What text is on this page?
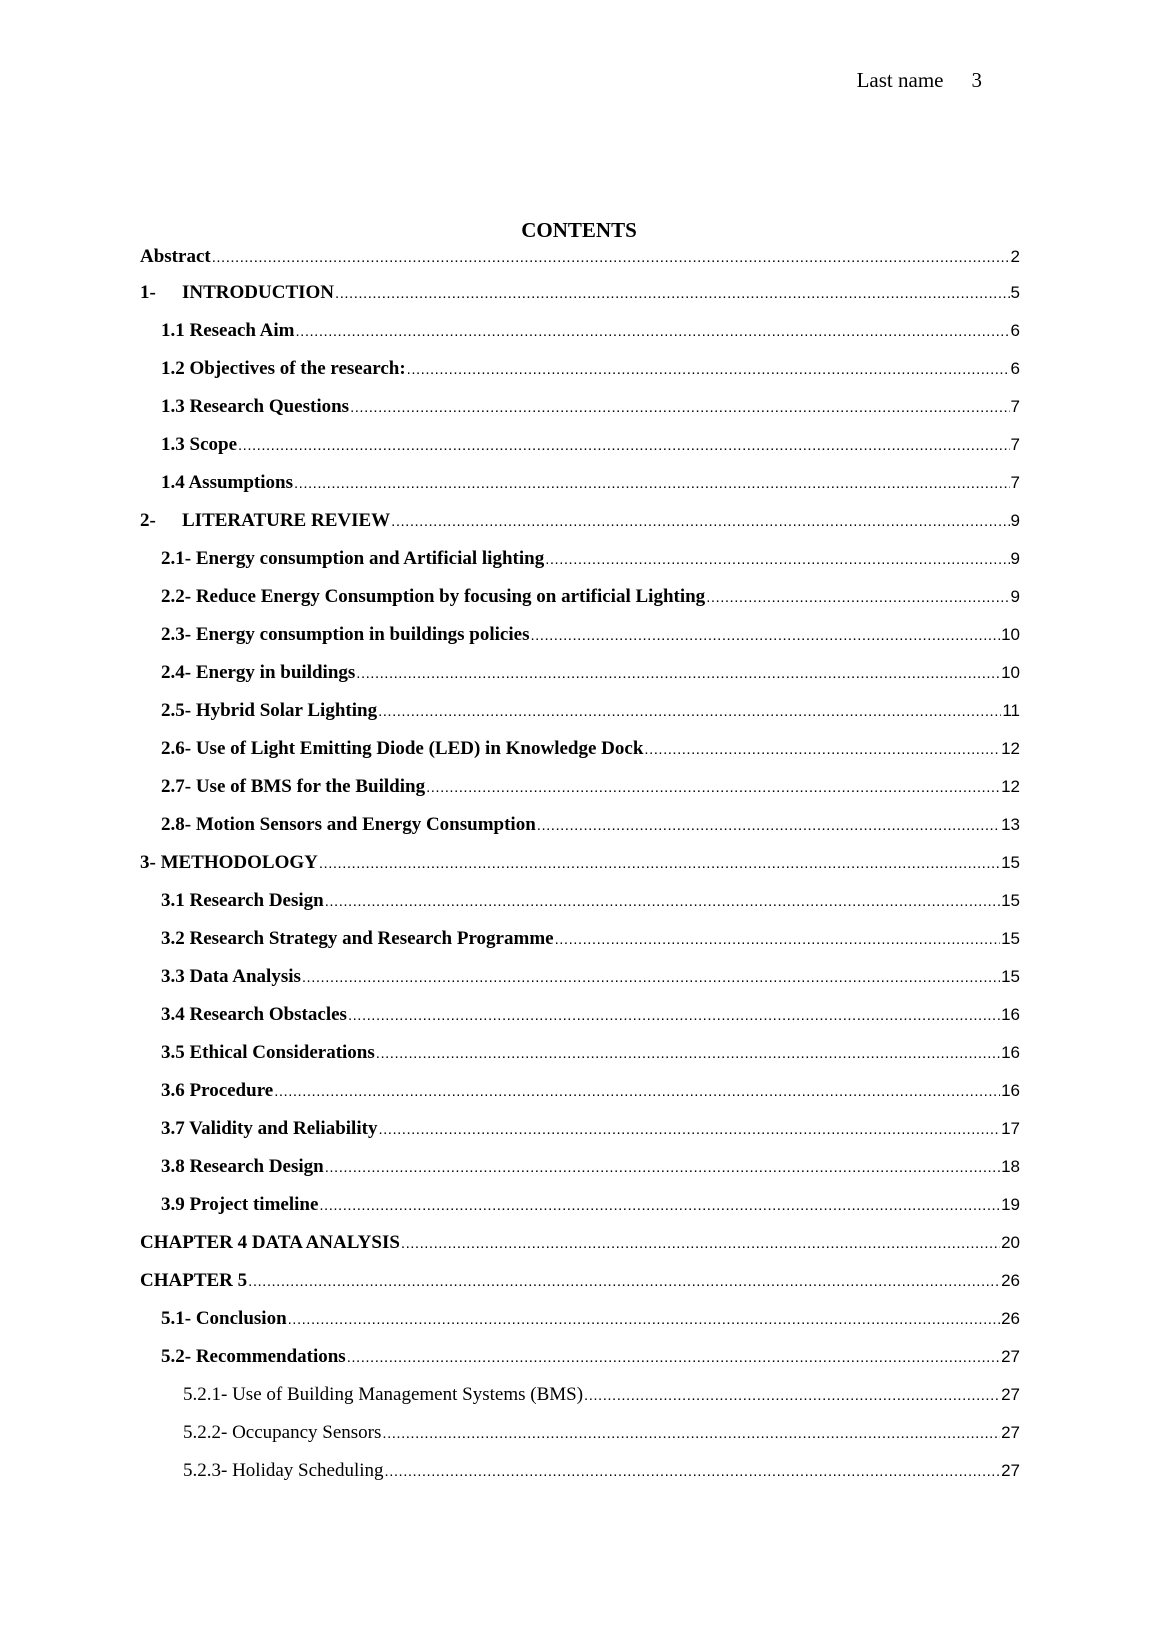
Last name 3
CONTENTS
Abstract .....	2
1- INTRODUCTION .....	5
1.1 Reseach Aim .....	6
1.2 Objectives of the research: .....	6
1.3 Research Questions .....	7
1.3 Scope .....	7
1.4 Assumptions .....	7
2- LITERATURE REVIEW .....	9
2.1- Energy consumption and Artificial lighting .....	9
2.2- Reduce Energy Consumption by focusing on artificial Lighting .....	9
2.3- Energy consumption in buildings policies .....	10
2.4- Energy in buildings .....	10
2.5- Hybrid Solar Lighting .....	11
2.6- Use of Light Emitting Diode (LED) in Knowledge Dock .....	12
2.7- Use of BMS for the Building .....	12
2.8- Motion Sensors and Energy Consumption .....	13
3- METHODOLOGY .....	15
3.1 Research Design .....	15
3.2 Research Strategy and Research Programme .....	15
3.3 Data Analysis .....	15
3.4 Research Obstacles .....	16
3.5 Ethical Considerations .....	16
3.6 Procedure .....	16
3.7 Validity and Reliability .....	17
3.8 Research Design .....	18
3.9 Project timeline .....	19
CHAPTER 4 DATA ANALYSIS .....	20
CHAPTER 5 .....	26
5.1- Conclusion .....	26
5.2- Recommendations .....	27
5.2.1- Use of Building Management Systems (BMS) .....	27
5.2.2- Occupancy Sensors .....	27
5.2.3- Holiday Scheduling .....	27
